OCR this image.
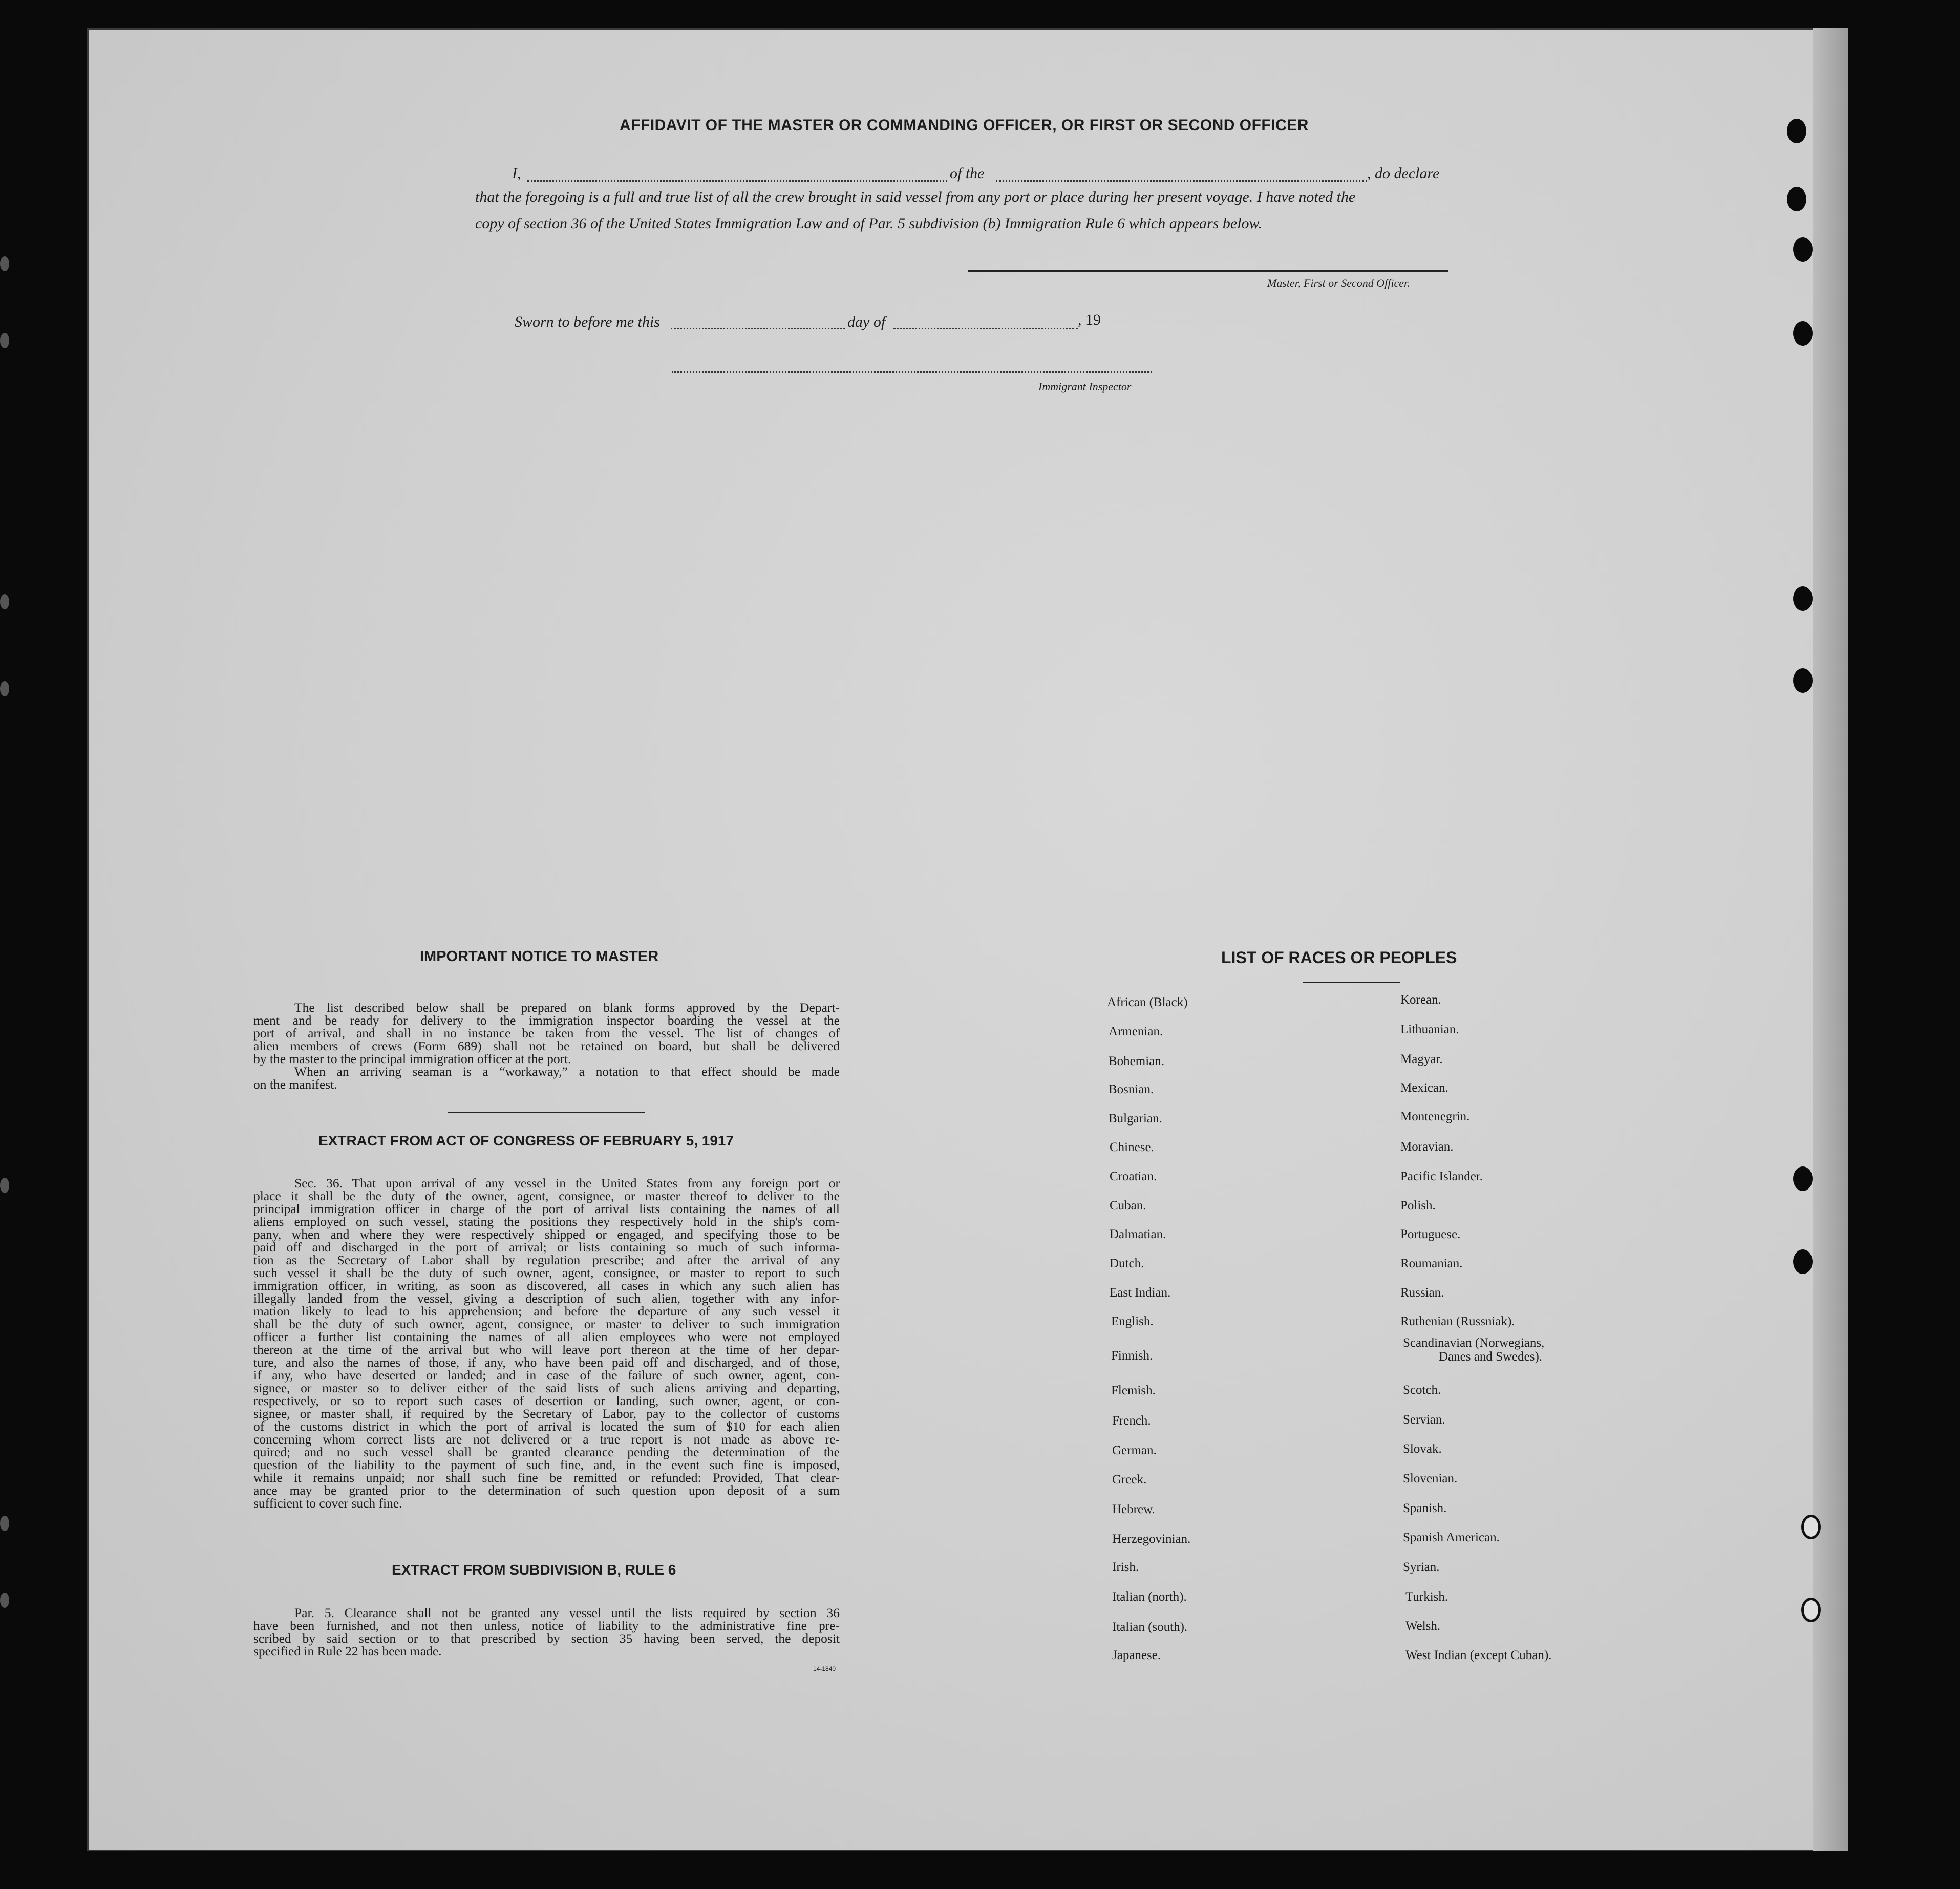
AFFIDAVIT OF THE MASTER OR COMMANDING OFFICER, OR FIRST OR SECOND OFFICER
I,	of the	, do declare
that the foregoing is a full and true list of all the crew brought in said vessel from any port or place during her present voyage. I have noted the
copy of section 36 of the United States Immigration Law and of Par. 5 subdivision (b) Immigration Rule 6 which appears below.
Master, First or Second Officer.
Sworn to before me this	day of	, 19
Immigrant Inspector
IMPORTANT NOTICE TO MASTER
The list described below shall be prepared on blank forms approved by the Depart-
ment and be ready for delivery to the immigration inspector boarding the vessel at the
port of arrival, and shall in no instance be taken from the vessel. The list of changes of
alien members of crews (Form 689) shall not be retained on board, but shall be delivered
by the master to the principal immigration officer at the port.
When an arriving seaman is a “workaway,” a notation to that effect should be made
on the manifest.
EXTRACT FROM ACT OF CONGRESS OF FEBRUARY 5, 1917
Sec. 36. That upon arrival of any vessel in the United States from any foreign port or
place it shall be the duty of the owner, agent, consignee, or master thereof to deliver to the
principal immigration officer in charge of the port of arrival lists containing the names of all
aliens employed on such vessel, stating the positions they respectively hold in the ship's com-
pany, when and where they were respectively shipped or engaged, and specifying those to be
paid off and discharged in the port of arrival; or lists containing so much of such informa-
tion as the Secretary of Labor shall by regulation prescribe; and after the arrival of any
such vessel it shall be the duty of such owner, agent, consignee, or master to report to such
immigration officer, in writing, as soon as discovered, all cases in which any such alien has
illegally landed from the vessel, giving a description of such alien, together with any infor-
mation likely to lead to his apprehension; and before the departure of any such vessel it
shall be the duty of such owner, agent, consignee, or master to deliver to such immigration
officer a further list containing the names of all alien employees who were not employed
thereon at the time of the arrival but who will leave port thereon at the time of her depar-
ture, and also the names of those, if any, who have been paid off and discharged, and of those,
if any, who have deserted or landed; and in case of the failure of such owner, agent, con-
signee, or master so to deliver either of the said lists of such aliens arriving and departing,
respectively, or so to report such cases of desertion or landing, such owner, agent, or con-
signee, or master shall, if required by the Secretary of Labor, pay to the collector of customs
of the customs district in which the port of arrival is located the sum of $10 for each alien
concerning whom correct lists are not delivered or a true report is not made as above re-
quired; and no such vessel shall be granted clearance pending the determination of the
question of the liability to the payment of such fine, and, in the event such fine is imposed,
while it remains unpaid; nor shall such fine be remitted or refunded: Provided, That clear-
ance may be granted prior to the determination of such question upon deposit of a sum
sufficient to cover such fine.
EXTRACT FROM SUBDIVISION B, RULE 6
Par. 5. Clearance shall not be granted any vessel until the lists required by section 36
have been furnished, and not then unless, notice of liability to the administrative fine pre-
scribed by said section or to that prescribed by section 35 having been served, the deposit
specified in Rule 22 has been made.
14-1840
LIST OF RACES OR PEOPLES
African (Black)
Armenian.
Bohemian.
Bosnian.
Bulgarian.
Chinese.
Croatian.
Cuban.
Dalmatian.
Dutch.
East Indian.
English.
Finnish.
Flemish.
French.
German.
Greek.
Hebrew.
Herzegovinian.
Irish.
Italian (north).
Italian (south).
Japanese.
Korean.
Lithuanian.
Magyar.
Mexican.
Montenegrin.
Moravian.
Pacific Islander.
Polish.
Portuguese.
Roumanian.
Russian.
Ruthenian (Russniak).
Scandinavian (Norwegians,
Danes and Swedes).
Scotch.
Servian.
Slovak.
Slovenian.
Spanish.
Spanish American.
Syrian.
Turkish.
Welsh.
West Indian (except Cuban).
